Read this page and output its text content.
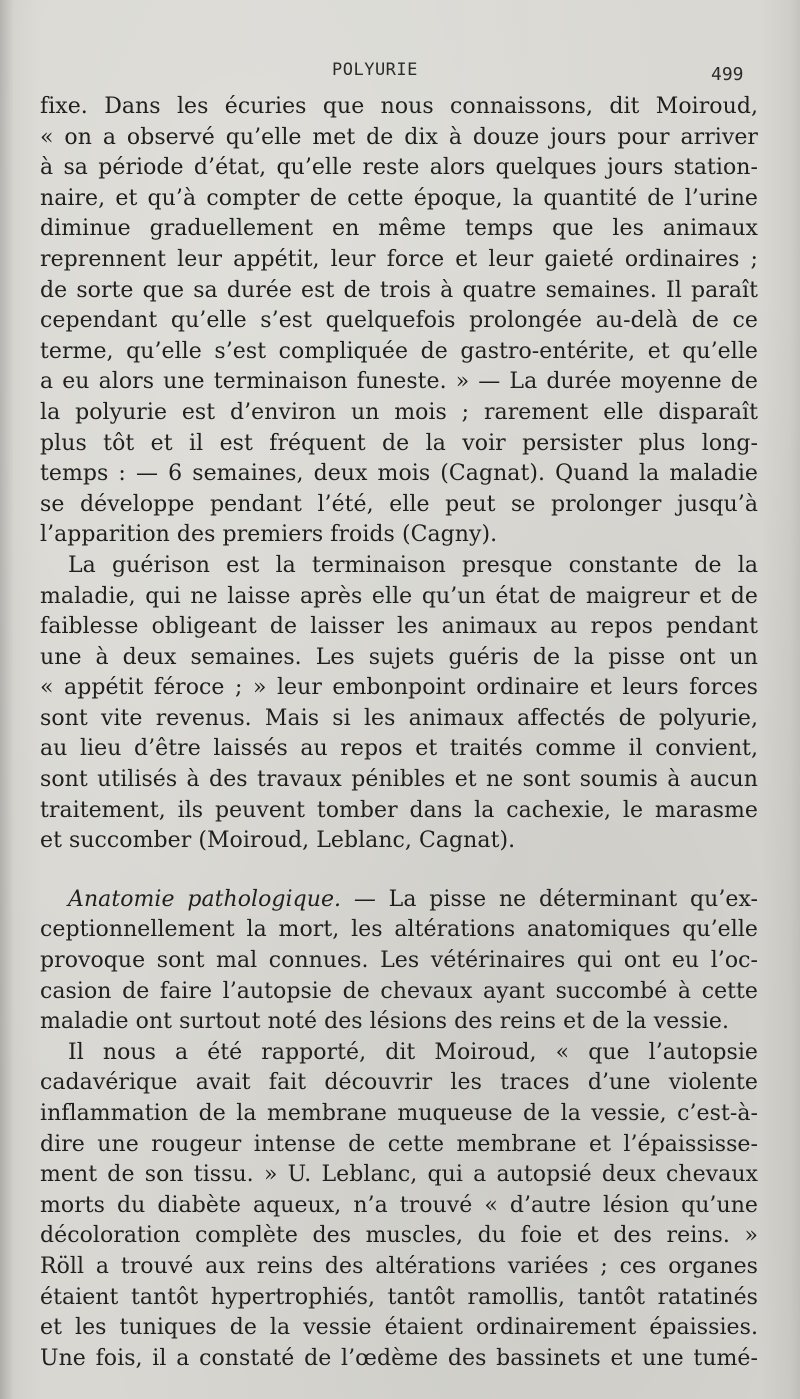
POLYURIE	499
fixe. Dans les écuries que nous connaissons, dit Moiroud,
« on a observé qu’elle met de dix à douze jours pour arriver
à sa période d’état, qu’elle reste alors quelques jours station-
naire, et qu’à compter de cette époque, la quantité de l’urine
diminue graduellement en même temps que les animaux
reprennent leur appétit, leur force et leur gaieté ordinaires ;
de sorte que sa durée est de trois à quatre semaines. Il paraît
cependant qu’elle s’est quelquefois prolongée au-delà de ce
terme, qu’elle s’est compliquée de gastro-entérite, et qu’elle
a eu alors une terminaison funeste. » — La durée moyenne de
la polyurie est d’environ un mois ; rarement elle disparaît
plus tôt et il est fréquent de la voir persister plus long-
temps : — 6 semaines, deux mois (Cagnat). Quand la maladie
se développe pendant l’été, elle peut se prolonger jusqu’à
l’apparition des premiers froids (Cagny).
La guérison est la terminaison presque constante de la
maladie, qui ne laisse après elle qu’un état de maigreur et de
faiblesse obligeant de laisser les animaux au repos pendant
une à deux semaines. Les sujets guéris de la pisse ont un
« appétit féroce ; » leur embonpoint ordinaire et leurs forces
sont vite revenus. Mais si les animaux affectés de polyurie,
au lieu d’être laissés au repos et traités comme il convient,
sont utilisés à des travaux pénibles et ne sont soumis à aucun
traitement, ils peuvent tomber dans la cachexie, le marasme
et succomber (Moiroud, Leblanc, Cagnat).
Anatomie pathologique. — La pisse ne déterminant qu’ex-
ceptionnellement la mort, les altérations anatomiques qu’elle
provoque sont mal connues. Les vétérinaires qui ont eu l’oc-
casion de faire l’autopsie de chevaux ayant succombé à cette
maladie ont surtout noté des lésions des reins et de la vessie.
Il nous a été rapporté, dit Moiroud, « que l’autopsie
cadavérique avait fait découvrir les traces d’une violente
inflammation de la membrane muqueuse de la vessie, c’est-à-
dire une rougeur intense de cette membrane et l’épaississe-
ment de son tissu. » U. Leblanc, qui a autopsié deux chevaux
morts du diabète aqueux, n’a trouvé « d’autre lésion qu’une
décoloration complète des muscles, du foie et des reins. »
Röll a trouvé aux reins des altérations variées ; ces organes
étaient tantôt hypertrophiés, tantôt ramollis, tantôt ratatinés
et les tuniques de la vessie étaient ordinairement épaissies.
Une fois, il a constaté de l’œdème des bassinets et une tumé-
